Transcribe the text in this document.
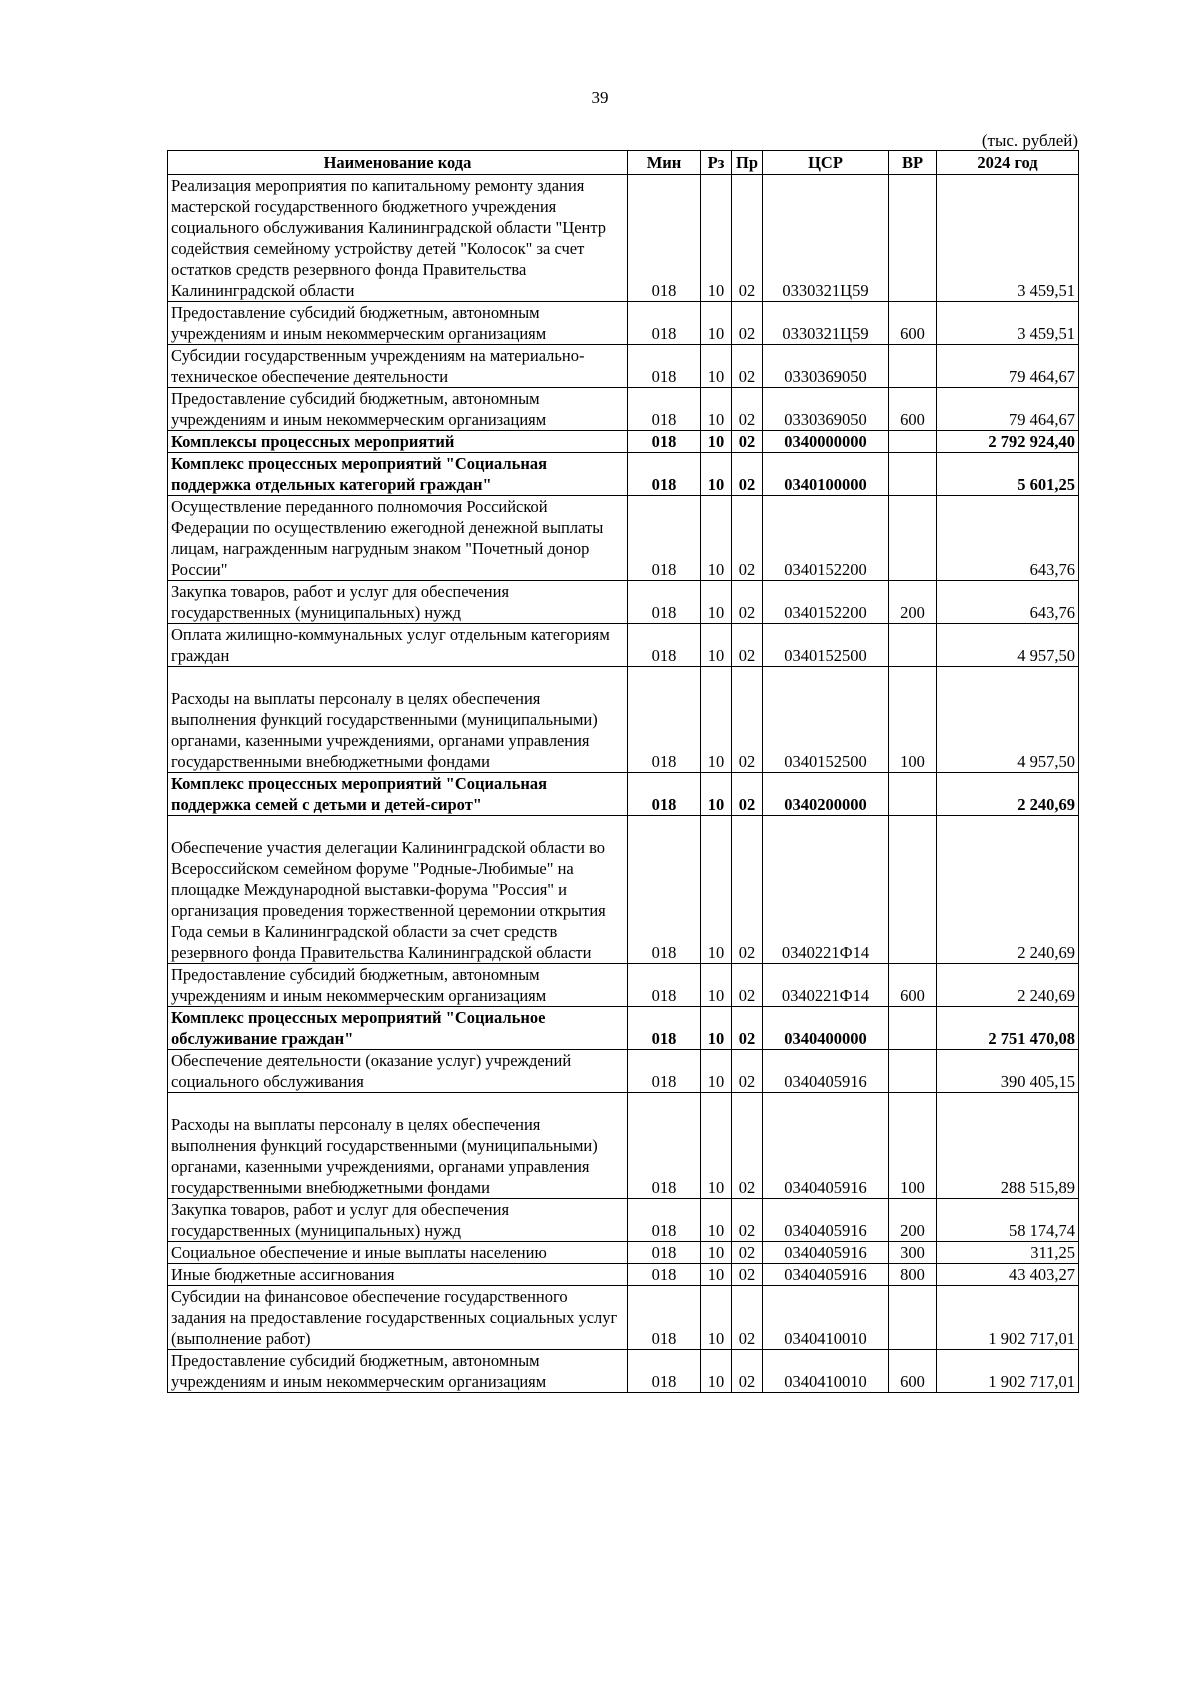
39
(тыс. рублей)
Наименование кода	Мин	Рз	Пр	ЦСР	ВР	2024 год
Реализация мероприятия по капитальному ремонту здания мастерской государственного бюджетного учреждения социального обслуживания Калининградской области "Центр содействия семейному устройству детей "Колосок" за счет остатков средств резервного фонда Правительства Калининградской области	018	10	02	0330321Ц59		3 459,51
Предоставление субсидий бюджетным, автономным учреждениям и иным некоммерческим организациям	018	10	02	0330321Ц59	600	3 459,51
Субсидии государственным учреждениям на материально-техническое обеспечение деятельности	018	10	02	0330369050		79 464,67
Предоставление субсидий бюджетным, автономным учреждениям и иным некоммерческим организациям	018	10	02	0330369050	600	79 464,67
Комплексы процессных мероприятий	018	10	02	0340000000		2 792 924,40
Комплекс процессных мероприятий "Социальная поддержка отдельных категорий граждан"	018	10	02	0340100000		5 601,25
Осуществление переданного полномочия Российской Федерации по осуществлению ежегодной денежной выплаты лицам, награжденным нагрудным знаком "Почетный донор России"	018	10	02	0340152200		643,76
Закупка товаров, работ и услуг для обеспечения государственных (муниципальных) нужд	018	10	02	0340152200	200	643,76
Оплата жилищно-коммунальных услуг отдельным категориям граждан	018	10	02	0340152500		4 957,50
Расходы на выплаты персоналу в целях обеспечения выполнения функций государственными (муниципальными) органами, казенными учреждениями, органами управления государственными внебюджетными фондами	018	10	02	0340152500	100	4 957,50
Комплекс процессных мероприятий "Социальная поддержка семей с детьми и детей-сирот"	018	10	02	0340200000		2 240,69
Обеспечение участия делегации Калининградской области во Всероссийском семейном форуме "Родные-Любимые" на площадке Международной выставки-форума "Россия" и организация проведения торжественной церемонии открытия Года семьи в Калининградской области за счет средств резервного фонда Правительства Калининградской области	018	10	02	0340221Ф14		2 240,69
Предоставление субсидий бюджетным, автономным учреждениям и иным некоммерческим организациям	018	10	02	0340221Ф14	600	2 240,69
Комплекс процессных мероприятий "Социальное обслуживание граждан"	018	10	02	0340400000		2 751 470,08
Обеспечение деятельности (оказание услуг) учреждений социального обслуживания	018	10	02	0340405916		390 405,15
Расходы на выплаты персоналу в целях обеспечения выполнения функций государственными (муниципальными) органами, казенными учреждениями, органами управления государственными внебюджетными фондами	018	10	02	0340405916	100	288 515,89
Закупка товаров, работ и услуг для обеспечения государственных (муниципальных) нужд	018	10	02	0340405916	200	58 174,74
Социальное обеспечение и иные выплаты населению	018	10	02	0340405916	300	311,25
Иные бюджетные ассигнования	018	10	02	0340405916	800	43 403,27
Субсидии на финансовое обеспечение государственного задания на предоставление государственных социальных услуг (выполнение работ)	018	10	02	0340410010		1 902 717,01
Предоставление субсидий бюджетным, автономным учреждениям и иным некоммерческим организациям	018	10	02	0340410010	600	1 902 717,01
